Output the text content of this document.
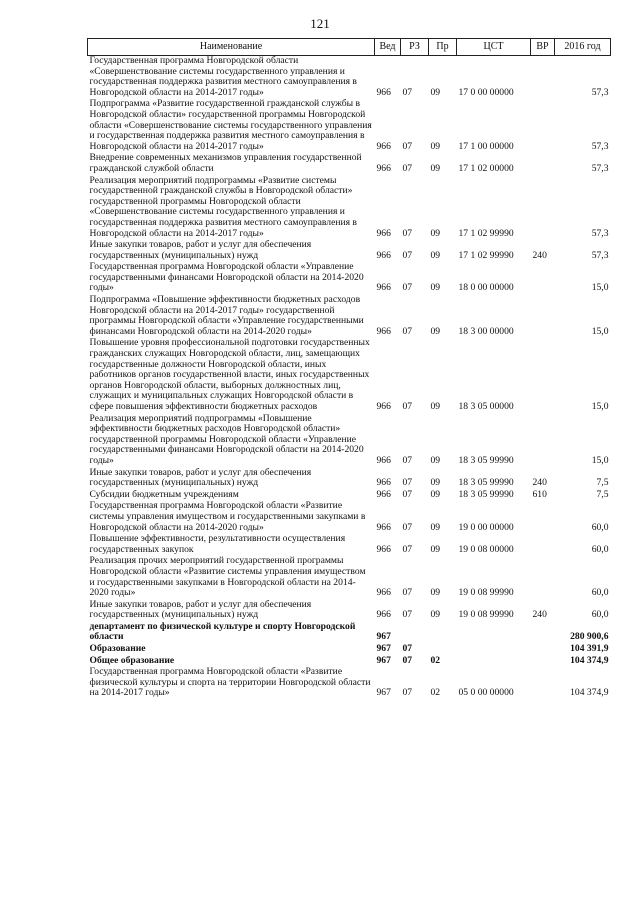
121
Наименование	Вед	РЗ	Пр	ЦСТ	ВР	2016 год
Государственная программа Новгородской области «Совершенствование системы государственного управления и государственная поддержка развития местного самоуправления в Новгородской области на 2014-2017 годы»	966	07	09	17 0 00 00000		57,3
Подпрограмма «Развитие государственной гражданской службы в Новгородской области» государственной программы Новгородской области «Совершенствование системы государственного управления и государственная поддержка развития местного самоуправления в Новгородской области на 2014-2017 годы»	966	07	09	17 1 00 00000		57,3
Внедрение современных механизмов управления государственной гражданской службой области	966	07	09	17 1 02 00000		57,3
Реализация мероприятий подпрограммы «Развитие системы государственной гражданской службы в Новгородской области» государственной программы Новгородской области «Совершенствование системы государственного управления и государственная поддержка развития местного самоуправления в Новгородской области на 2014-2017 годы»	966	07	09	17 1 02 99990		57,3
Иные закупки товаров, работ и услуг для обеспечения государственных (муниципальных) нужд	966	07	09	17 1 02 99990	240	57,3
Государственная программа Новгородской области «Управление государственными финансами Новгородской области на 2014-2020 годы»	966	07	09	18 0 00 00000		15,0
Подпрограмма «Повышение эффективности бюджетных расходов Новгородской области на 2014-2017 годы» государственной программы Новгородской области «Управление государственными финансами Новгородской области на 2014-2020 годы»	966	07	09	18 3 00 00000		15,0
Повышение уровня профессиональной подготовки государственных гражданских служащих Новгородской области, лиц, замещающих государственные должности Новгородской области, иных работников органов государственной власти, иных государственных органов Новгородской области, выборных должностных лиц, служащих и муниципальных служащих Новгородской области в сфере повышения эффективности бюджетных расходов	966	07	09	18 3 05 00000		15,0
Реализация мероприятий подпрограммы «Повышение эффективности бюджетных расходов Новгородской области» государственной программы Новгородской области «Управление государственными финансами Новгородской области на 2014-2020 годы»	966	07	09	18 3 05 99990		15,0
Иные закупки товаров, работ и услуг для обеспечения государственных (муниципальных) нужд	966	07	09	18 3 05 99990	240	7,5
Субсидии бюджетным учреждениям	966	07	09	18 3 05 99990	610	7,5
Государственная программа Новгородской области «Развитие системы управления имуществом и государственными закупками в Новгородской области на 2014-2020 годы»	966	07	09	19 0 00 00000		60,0
Повышение эффективности, результативности осуществления государственных закупок	966	07	09	19 0 08 00000		60,0
Реализация прочих мероприятий государственной программы Новгородской области «Развитие системы управления имуществом и государственными закупками в Новгородской области на 2014-2020 годы»	966	07	09	19 0 08 99990		60,0
Иные закупки товаров, работ и услуг для обеспечения государственных (муниципальных) нужд	966	07	09	19 0 08 99990	240	60,0
департамент по физической культуре и спорту Новгородской области	967					280 900,6
Образование	967	07				104 391,9
Общее образование	967	07	02			104 374,9
Государственная программа Новгородской области «Развитие физической культуры и спорта на территории Новгородской области на 2014-2017 годы»	967	07	02	05 0 00 00000		104 374,9
